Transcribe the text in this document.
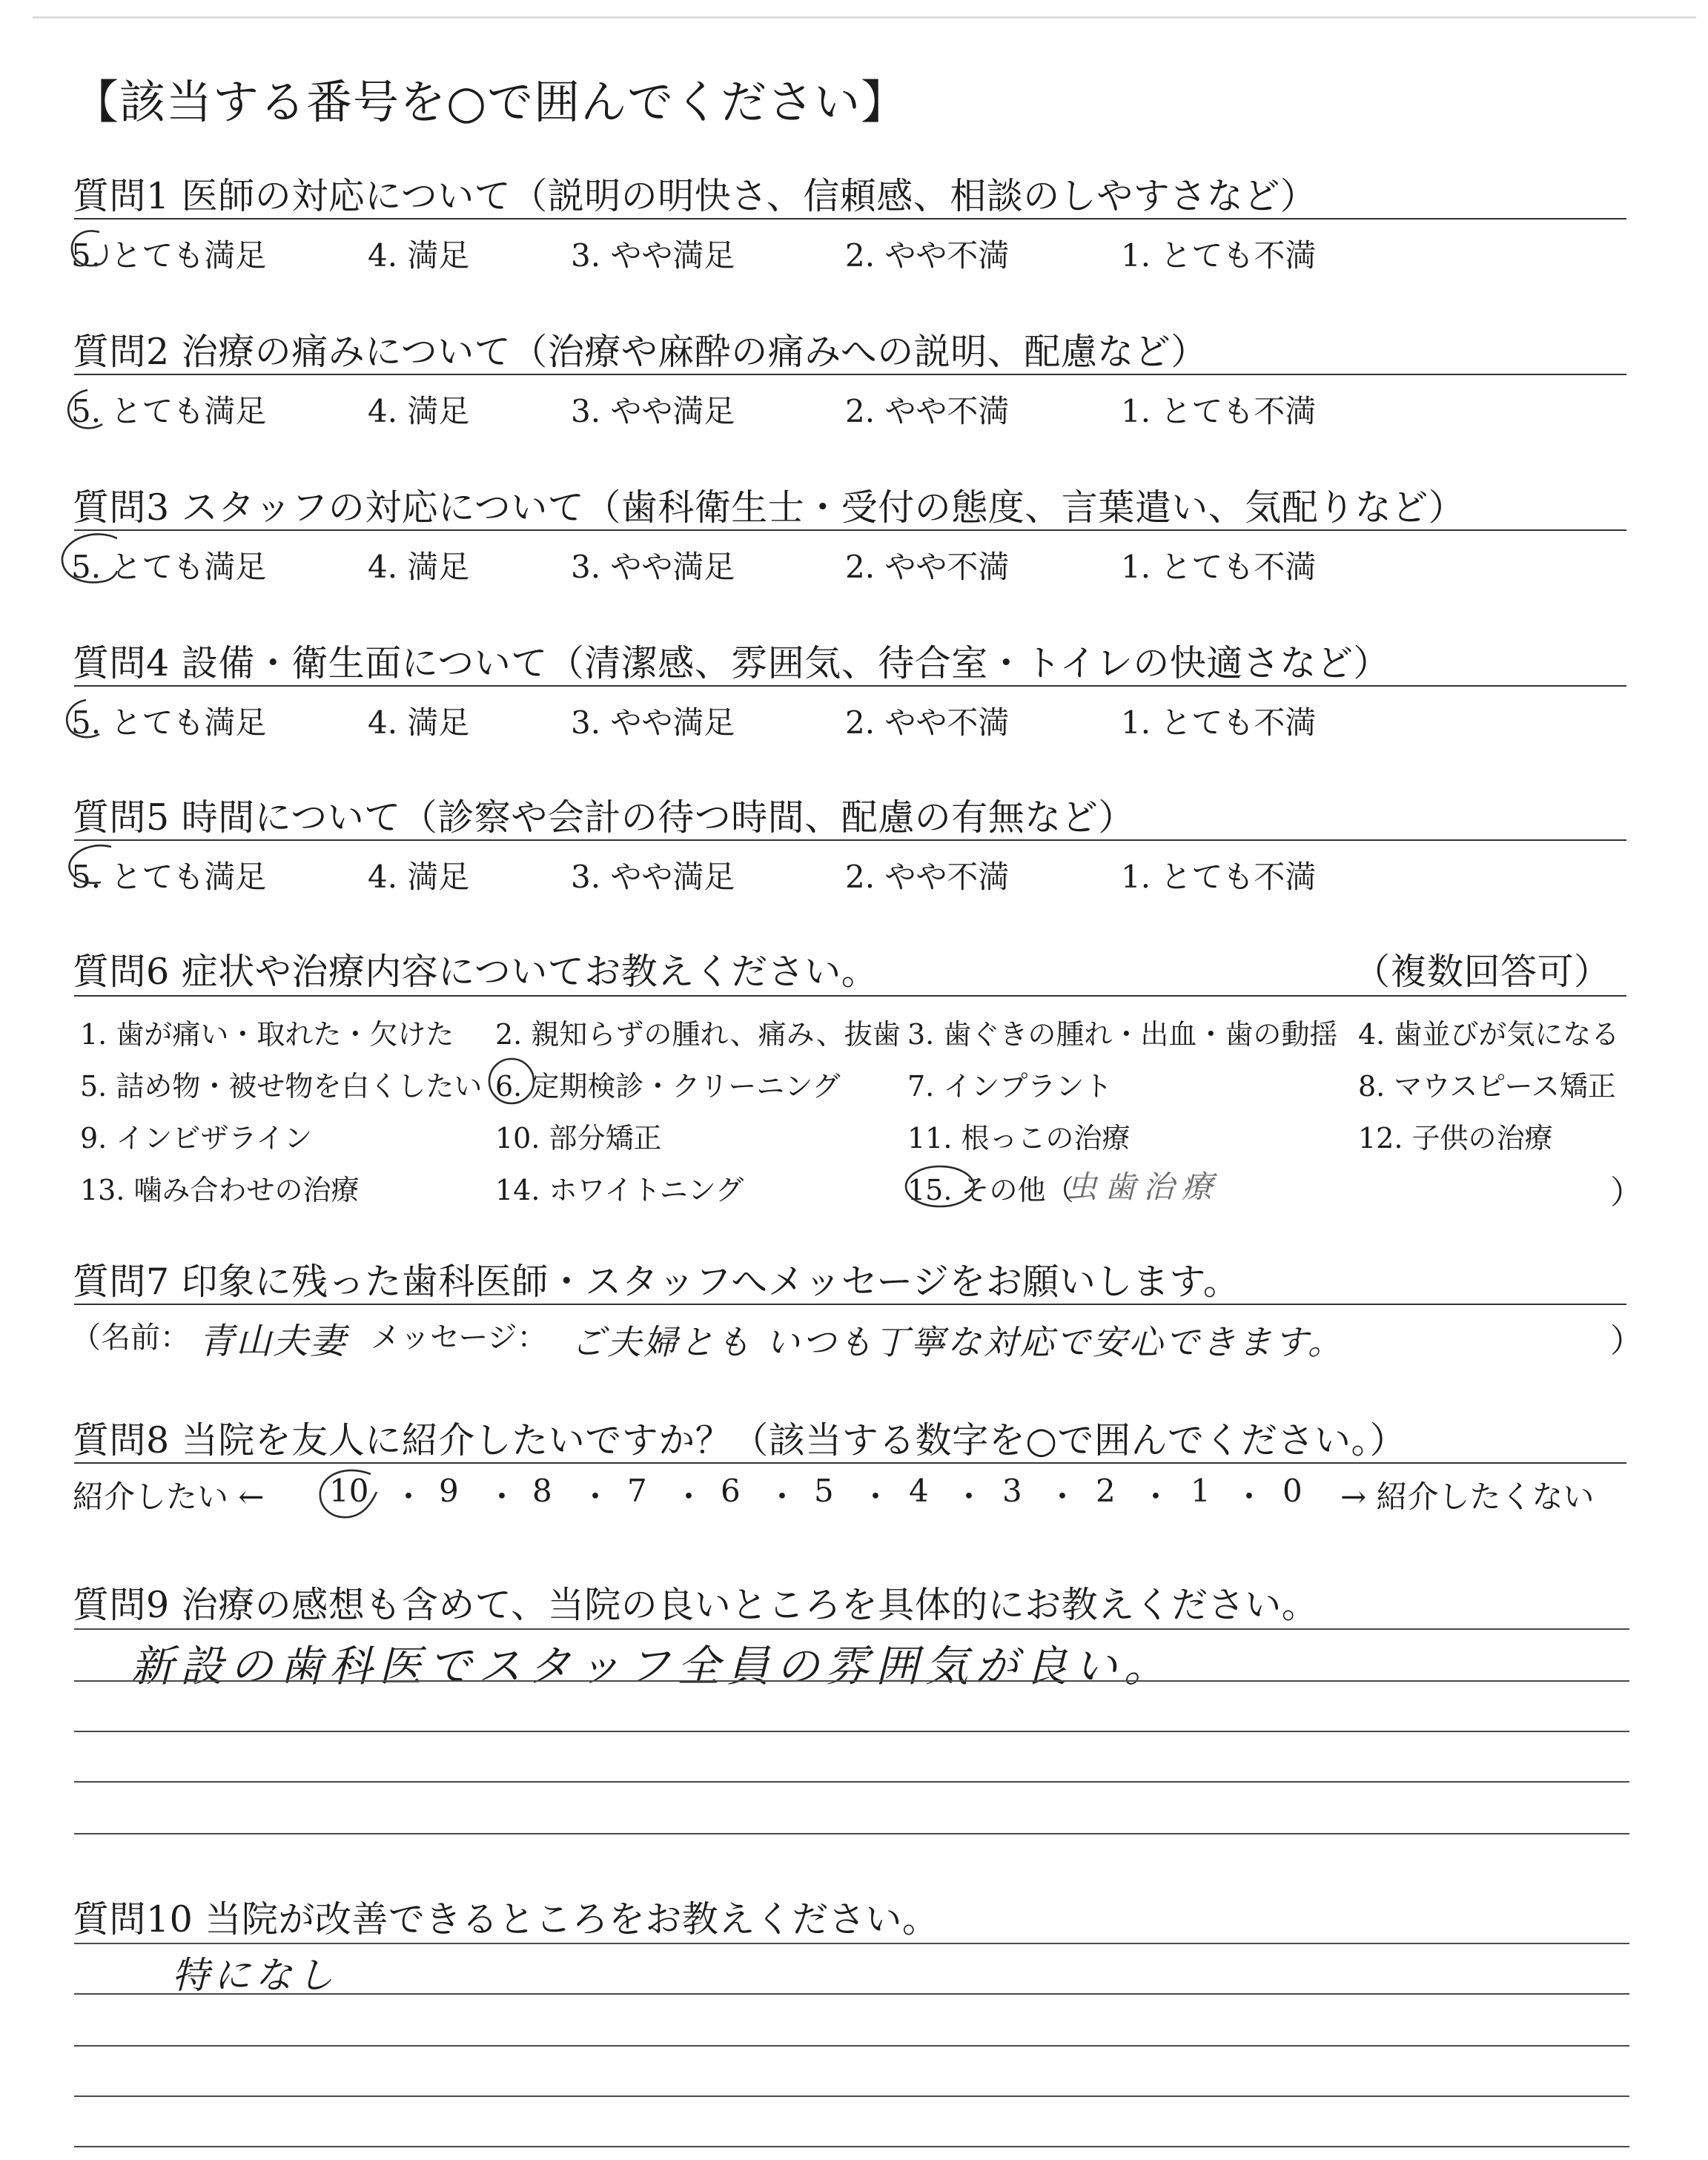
【該当する番号を○で囲んでください】
質問1 医師の対応について（説明の明快さ、信頼感、相談のしやすさなど）
5. とても満足	4. 満足	3. やや満足	2. やや不満	1. とても不満
質問2 治療の痛みについて（治療や麻酔の痛みへの説明、配慮など）
5. とても満足	4. 満足	3. やや満足	2. やや不満	1. とても不満
質問3 スタッフの対応について（歯科衛生士・受付の態度、言葉遣い、気配りなど）
5. とても満足	4. 満足	3. やや満足	2. やや不満	1. とても不満
質問4 設備・衛生面について（清潔感、雰囲気、待合室・トイレの快適さなど）
5. とても満足	4. 満足	3. やや満足	2. やや不満	1. とても不満
質問5 時間について（診察や会計の待つ時間、配慮の有無など）
5. とても満足	4. 満足	3. やや満足	2. やや不満	1. とても不満
質問6 症状や治療内容についてお教えください。	（複数回答可）
1. 歯が痛い・取れた・欠けた 2. 親知らずの腫れ、痛み、抜歯 3. 歯ぐきの腫れ・出血・歯の動揺 4. 歯並びが気になる
5. 詰め物・被せ物を白くしたい 6. 定期検診・クリーニング 7. インプラント	8. マウスピース矯正
9. インビザライン	10. 部分矯正	11. 根っこの治療	12. 子供の治療
13. 噛み合わせの治療	14. ホワイトニング	15. その他（
虫歯治療	）
質問7 印象に残った歯科医師・スタッフへメッセージをお願いします。
（名前： 青山夫妻 メッセージ： ご夫婦とも いつも丁寧な対応で安心できます。	）
質問8 当院を友人に紹介したいですか？（該当する数字を○で囲んでください。）
紹介したい ← 10 ・ 9 ・ 8 ・ 7 ・ 6 ・ 5 ・ 4 ・ 3 ・ 2 ・ 1 ・ 0 → 紹介したくない
質問9 治療の感想も含めて、当院の良いところを具体的にお教えください。
新設の歯科医でスタッフ全員の雰囲気が良い。
質問10 当院が改善できるところをお教えください。
特になし
